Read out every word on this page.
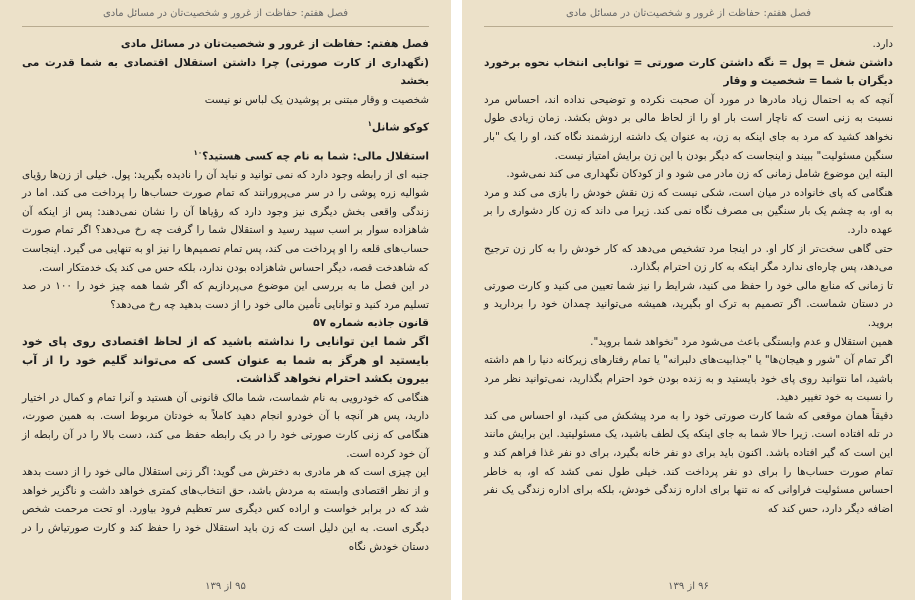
فصل هفتم: حفاظت از غرور و شخصیت‌تان در مسائل مادی

فصل هفتم: حفاظت از غرور و شخصیت‌تان در مسائل مادی

(نگهداری از کارت صورتی) چرا داشتن استقلال اقتصادی به شما قدرت می بخشد

شخصیت و وقار مبتنی بر پوشیدن یک لباس نو نیست

کوکو شانل$^۱$

استقلال مالی: شما به نام چه کسی هستید؟$^{۱۰}$

جنبه ای از رابطه وجود دارد که نمی توانید و نباید آن را نادیده بگیرید: پول. خیلی از زن‌ها رؤیای شوالیه زره پوشی را در سر می‌پرورانند که تمام صورت حساب‌ها را پرداخت می کند. اما در زندگی واقعی بخش دیگری نیز وجود دارد که رؤیاها آن را نشان نمی‌دهند: پس از اینکه آن شاهزاده سوار بر اسب سپید رسید و استقلال شما را گرفت چه رخ می‌دهد؟ اگر تمام صورت حساب‌های قلعه را او پرداخت می کند، پس تمام تصمیم‌ها را نیز او به تنهایی می گیرد. اینجاست که شاهدخت قصه، دیگر احساس شاهزاده بودن ندارد، بلکه حس می کند یک خدمتکار است.

در این فصل ما به بررسی این موضوع می‌پردازیم که اگر شما همه چیز خود را ۱۰۰ در صد تسلیم مرد کنید و توانایی تأمین مالی خود را از دست بدهید چه رخ می‌دهد؟

قانون جاذبه شماره ۵۷

اگر شما این توانایی را نداشته باشید که از لحاظ اقتصادی روی پای خود بایستید او هرگز به شما به عنوان کسی که می‌تواند گلیم خود را از آب بیرون بکشد احترام نخواهد گذاشت.

هنگامی که خودرویی به نام شماست، شما مالک قانونی آن هستید و آنرا تمام و کمال در اختیار دارید، پس هر آنچه با آن خودرو انجام دهید کاملاً به خودتان مربوط است. به همین صورت، هنگامی که زنی کارت صورتی خود را در یک رابطه حفظ می کند، دست بالا را در آن رابطه از آن خود کرده است.

این چیزی است که هر مادری به دخترش می گوید: اگر زنی استقلال مالی خود را از دست بدهد و از نظر اقتصادی وابسته به مردش باشد، حق انتخاب‌های کمتری خواهد داشت و ناگزیر خواهد شد که در برابر خواست و اراده کس دیگری سر تعظیم فرود بیاورد. او تحت مرحمت شخص دیگری است. به این دلیل است که زن باید استقلال خود را حفظ کند و کارت صورتیاش را در دستان خودش نگاه

۹۵ از ۱۳۹
فصل هفتم: حفاظت از غرور و شخصیت‌تان در مسائل مادی

دارد.

داشتن شغل = پول = نگه داشتن کارت صورتی = توانایی انتخاب نحوه برخورد دیگران با شما = شخصیت و وقار

آنچه که به احتمال زیاد مادرها در مورد آن صحبت نکرده و توضیحی نداده اند، احساس مرد نسبت به زنی است که ناچار است بار او را از لحاظ مالی بر دوش بکشد. زمان زیادی طول نخواهد کشید که مرد به جای اینکه به زن، به عنوان یک داشته ارزشمند نگاه کند، او را یک "بار سنگین مسئولیت" ببیند و اینجاست که دیگر بودن با این زن برایش امتیاز نیست.

البته این موضوع شامل زمانی که زن مادر می شود و از کودکان نگهداری می کند نمی‌شود.

هنگامی که پای خانواده در میان است، شکی نیست که زن نقش خودش را بازی می کند و مرد به او، به چشم یک بار سنگین بی مصرف نگاه نمی کند. زیرا می داند که زن کار دشواری را بر عهده دارد.

حتی گاهی سخت‌تر از کار او. در اینجا مرد تشخیص می‌دهد که کار خودش را به کار زن ترجیح می‌دهد، پس چاره‌ای ندارد مگر اینکه به کار زن احترام بگذارد.

تا زمانی که منابع مالی خود را حفظ می کنید، شرایط را نیز شما تعیین می کنید و کارت صورتی در دستان شماست. اگر تصمیم به ترک او بگیرید، همیشه می‌توانید چمدان خود را بردارید و بروید.

همین استقلال و عدم وابستگی باعث می‌شود مرد "نخواهد شما بروید".

اگر تمام آن "شور و هیجان‌ها" یا "جذابیت‌های دلبرانه" یا تمام رفتارهای زیرکانه دنیا را هم داشته باشید، اما نتوانید روی پای خود بایستید و به زنده بودن خود احترام بگذارید، نمی‌توانید نظر مرد را نسبت به خود تغییر دهید.

دقیقاً همان موقعی که شما کارت صورتی خود را به مرد پیشکش می کنید، او احساس می کند در تله افتاده است. زیرا حالا شما به جای اینکه یک لطف باشید، یک مسئولیتید. این برایش مانند این است که گیر افتاده باشد. اکنون باید برای دو نفر خانه بگیرد، برای دو نفر غذا فراهم کند و تمام صورت حساب‌ها را برای دو نفر پرداخت کند. خیلی طول نمی کشد که او، به خاطر احساس مسئولیت فراوانی که نه تنها برای اداره زندگی خودش، بلکه برای اداره زندگی یک نفر اضافه دیگر دارد، حس کند که

۹۶ از ۱۳۹
